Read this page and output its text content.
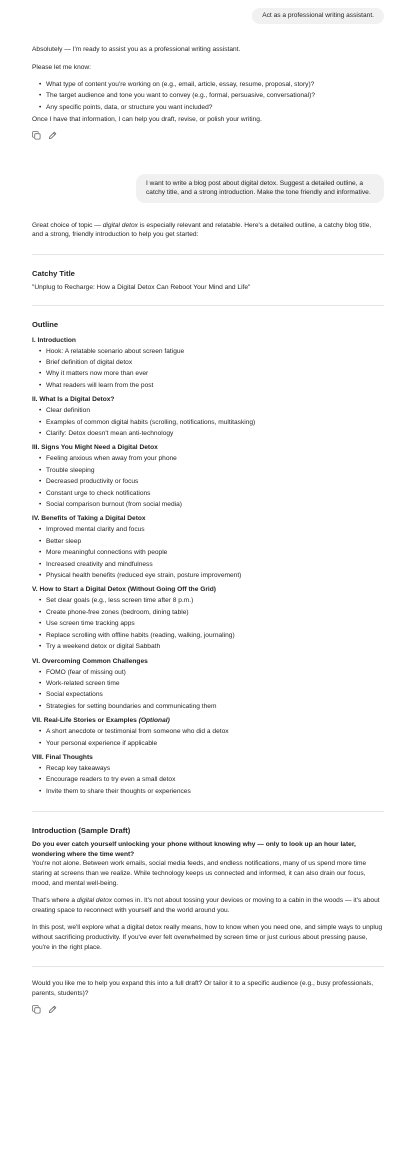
Act as a professional writing assistant.

Absolutely — I'm ready to assist you as a professional writing assistant.

Please let me know:

• What type of content you're working on (e.g., email, article, essay, resume, proposal, story)?
• The target audience and tone you want to convey (e.g., formal, persuasive, conversational)?
• Any specific points, data, or structure you want included?

Once I have that information, I can help you draft, revise, or polish your writing.

I want to write a blog post about digital detox. Suggest a detailed outline, a catchy title, and a strong introduction. Make the tone friendly and informative.

Great choice of topic — digital detox is especially relevant and relatable. Here's a detailed outline, a catchy blog title, and a strong, friendly introduction to help you get started:

Catchy Title

"Unplug to Recharge: How a Digital Detox Can Reboot Your Mind and Life"

Outline
I. Introduction
• Hook: A relatable scenario about screen fatigue
• Brief definition of digital detox
• Why it matters now more than ever
• What readers will learn from the post
II. What Is a Digital Detox?
• Clear definition
• Examples of common digital habits (scrolling, notifications, multitasking)
• Clarify: Detox doesn't mean anti-technology
III. Signs You Might Need a Digital Detox
• Feeling anxious when away from your phone
• Trouble sleeping
• Decreased productivity or focus
• Constant urge to check notifications
• Social comparison burnout (from social media)
IV. Benefits of Taking a Digital Detox
• Improved mental clarity and focus
• Better sleep
• More meaningful connections with people
• Increased creativity and mindfulness
• Physical health benefits (reduced eye strain, posture improvement)
V. How to Start a Digital Detox (Without Going Off the Grid)
• Set clear goals (e.g., less screen time after 8 p.m.)
• Create phone-free zones (bedroom, dining table)
• Use screen time tracking apps
• Replace scrolling with offline habits (reading, walking, journaling)
• Try a weekend detox or digital Sabbath
VI. Overcoming Common Challenges
• FOMO (fear of missing out)
• Work-related screen time
• Social expectations
• Strategies for setting boundaries and communicating them
VII. Real-Life Stories or Examples (Optional)
• A short anecdote or testimonial from someone who did a detox
• Your personal experience if applicable
VIII. Final Thoughts
• Recap key takeaways
• Encourage readers to try even a small detox
• Invite them to share their thoughts or experiences
Introduction (Sample Draft)

Do you ever catch yourself unlocking your phone without knowing why — only to look up an hour later, wondering where the time went?

You're not alone. Between work emails, social media feeds, and endless notifications, many of us spend more time staring at screens than we realize. While technology keeps us connected and informed, it can also drain our focus, mood, and mental well-being.

That's where a digital detox comes in. It's not about tossing your devices or moving to a cabin in the woods — it's about creating space to reconnect with yourself and the world around you.

In this post, we'll explore what a digital detox really means, how to know when you need one, and simple ways to unplug without sacrificing productivity. If you've ever felt overwhelmed by screen time or just curious about pressing pause, you're in the right place.

Would you like me to help you expand this into a full draft? Or tailor it to a specific audience (e.g., busy professionals, parents, students)?
